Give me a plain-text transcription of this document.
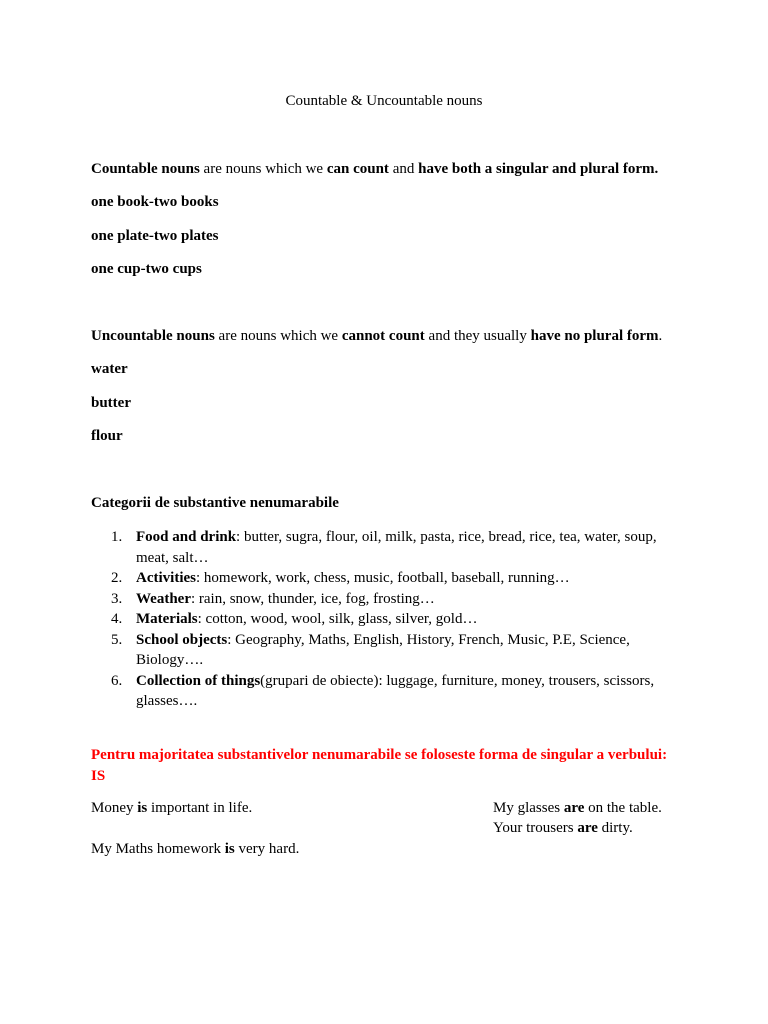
Countable & Uncountable nouns
Countable nouns are nouns which we can count and have both a singular and plural form.
one book-two books
one plate-two plates
one cup-two cups
Uncountable nouns are nouns which we cannot count and they usually have no plural form.
water
butter
flour
Categorii de substantive nenumarabile
1. Food and drink: butter, sugra, flour, oil, milk, pasta, rice, bread, rice, tea, water, soup, meat, salt…
2. Activities: homework, work, chess, music, football, baseball, running…
3. Weather: rain, snow, thunder, ice, fog, frosting…
4. Materials: cotton, wood, wool, silk, glass, silver, gold…
5. School objects: Geography, Maths, English, History, French, Music, P.E, Science, Biology….
6. Collection of things(grupari de obiecte): luggage, furniture, money, trousers, scissors, glasses….
Pentru majoritatea substantivelor nenumarabile se foloseste forma de singular a verbului: IS
Money is important in life.
My Maths homework is very hard.
My glasses are on the table.
Your trousers are dirty.
